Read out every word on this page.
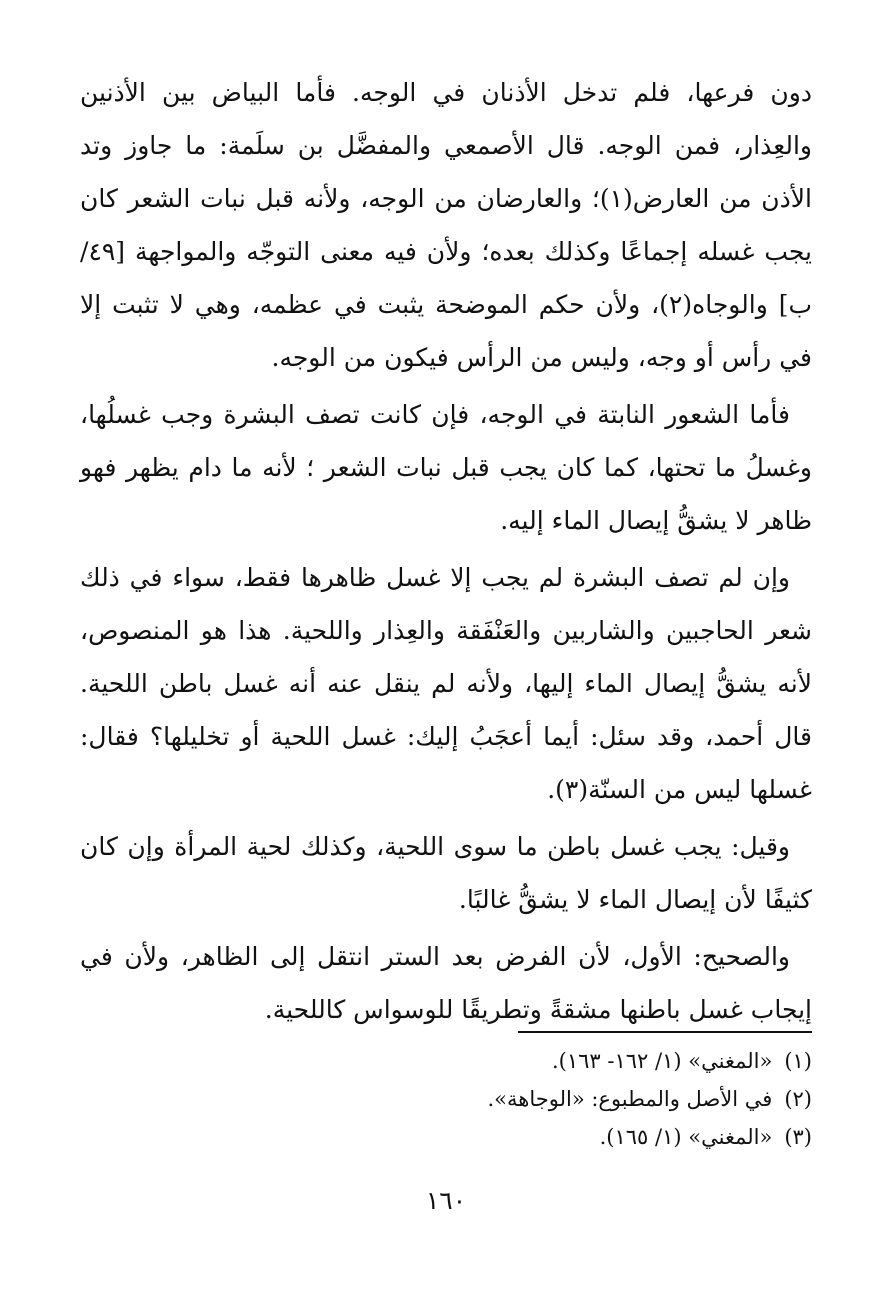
دون فرعها، فلم تدخل الأذنان في الوجه. فأما البياض بين الأذنين والعِذار، فمن الوجه. قال الأصمعي والمفضَّل بن سلَمة: ما جاوز وتد الأذن من العارض(١)؛ والعارضان من الوجه، ولأنه قبل نبات الشعر كان يجب غسله إجماعًا وكذلك بعده؛ ولأن فيه معنى التوجّه والمواجهة [٤٩/ ب] والوجاه(٢)، ولأن حكم الموضحة يثبت في عظمه، وهي لا تثبت إلا في رأس أو وجه، وليس من الرأس فيكون من الوجه.

فأما الشعور النابتة في الوجه، فإن كانت تصف البشرة وجب غسلُها، وغسلُ ما تحتها، كما كان يجب قبل نبات الشعر ؛ لأنه ما دام يظهر فهو ظاهر لا يشقُّ إيصال الماء إليه.

وإن لم تصف البشرة لم يجب إلا غسل ظاهرها فقط، سواء في ذلك شعر الحاجبين والشاربين والعَنْفَقة والعِذار واللحية. هذا هو المنصوص، لأنه يشقُّ إيصال الماء إليها، ولأنه لم ينقل عنه أنه غسل باطن اللحية. قال أحمد، وقد سئل: أيما أعجَبُ إليك: غسل اللحية أو تخليلها؟ فقال: غسلها ليس من السنّة(٣).

وقيل: يجب غسل باطن ما سوى اللحية، وكذلك لحية المرأة وإن كان كثيفًا لأن إيصال الماء لا يشقُّ غالبًا.

والصحيح: الأول، لأن الفرض بعد الستر انتقل إلى الظاهر، ولأن في إيجاب غسل باطنها مشقةً وتطريقًا للوسواس كاللحية.

(١)«المغني» (١/ ١٦٢- ١٦٣).

(٢)في الأصل والمطبوع: «الوجاهة».

(٣)«المغني» (١/ ١٦٥).

١٦٠
